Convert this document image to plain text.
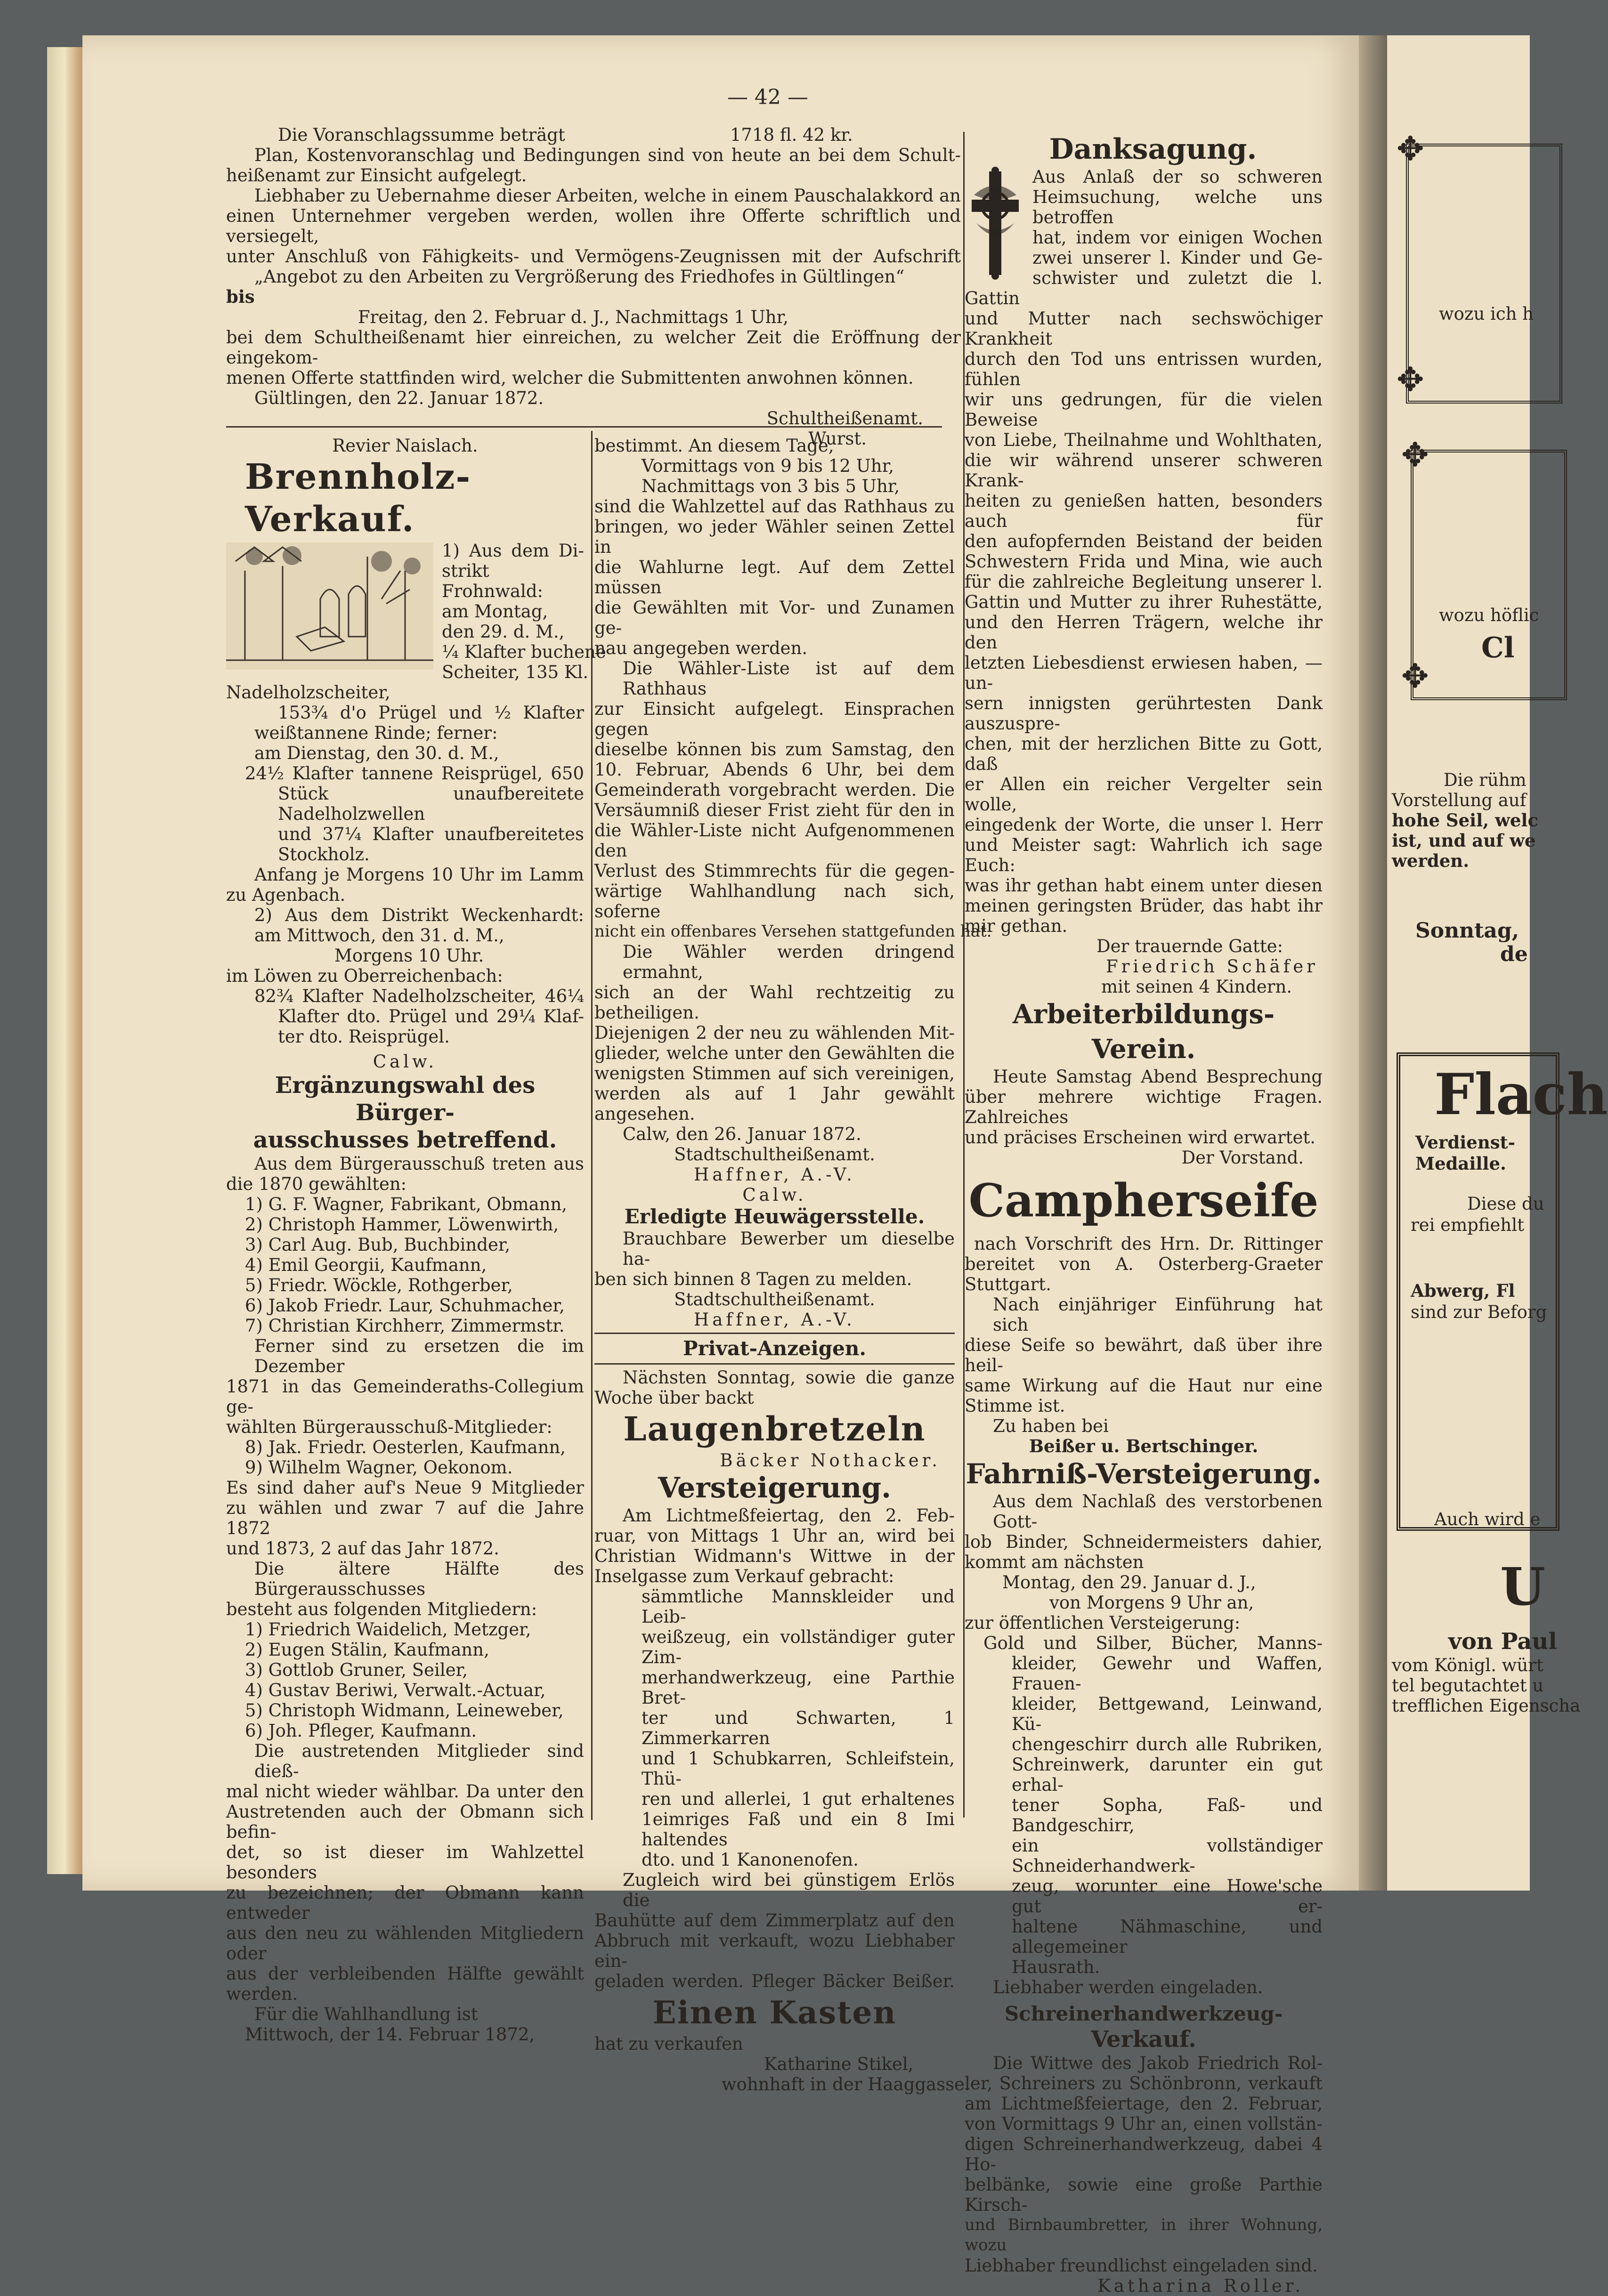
— 42 —
Die Voranschlagssumme beträgt	1718 fl. 42 kr.
Plan, Kostenvoranschlag und Bedingungen sind von heute an bei dem Schult-
heißenamt zur Einsicht aufgelegt.
Liebhaber zu Uebernahme dieser Arbeiten, welche in einem Pauschalakkord an
einen Unternehmer vergeben werden, wollen ihre Offerte schriftlich und versiegelt,
unter Anschluß von Fähigkeits- und Vermögens-Zeugnissen mit der Aufschrift
„Angebot zu den Arbeiten zu Vergrößerung des Friedhofes in Gültlingen“
bis
Freitag, den 2. Februar d. J., Nachmittags 1 Uhr,
bei dem Schultheißenamt hier einreichen, zu welcher Zeit die Eröffnung der eingekom-
menen Offerte stattfinden wird, welcher die Submittenten anwohnen können.
Gültlingen, den 22. Januar 1872.
Schultheißenamt.
Wurst.
Revier Naislach.
Brennholz-Verkauf.
1) Aus dem Di-
strikt Frohnwald:
am Montag,
den 29. d. M.,
¼ Klafter buchene
Scheiter, 135 Kl.
Nadelholzscheiter,
153¾ d'o Prügel und ½ Klafter
weißtannene Rinde; ferner:
am Dienstag, den 30. d. M.,
24½ Klafter tannene Reisprügel, 650
Stück unaufbereitete Nadelholzwellen
und 37¼ Klafter unaufbereitetes
Stockholz.
Anfang je Morgens 10 Uhr im Lamm
zu Agenbach.
2) Aus dem Distrikt Weckenhardt:
am Mittwoch, den 31. d. M.,
Morgens 10 Uhr.
im Löwen zu Oberreichenbach:
82¾ Klafter Nadelholzscheiter, 46¼
Klafter dto. Prügel und 29¼ Klaf-
ter dto. Reisprügel.
Calw.
Ergänzungswahl des Bürger-
ausschusses betreffend.
Aus dem Bürgerausschuß treten aus
die 1870 gewählten:
1) G. F. Wagner, Fabrikant, Obmann,
2) Christoph Hammer, Löwenwirth,
3) Carl Aug. Bub, Buchbinder,
4) Emil Georgii, Kaufmann,
5) Friedr. Wöckle, Rothgerber,
6) Jakob Friedr. Laur, Schuhmacher,
7) Christian Kirchherr, Zimmermstr.
Ferner sind zu ersetzen die im Dezember
1871 in das Gemeinderaths-Collegium ge-
wählten Bürgerausschuß-Mitglieder:
8) Jak. Friedr. Oesterlen, Kaufmann,
9) Wilhelm Wagner, Oekonom.
Es sind daher auf's Neue 9 Mitglieder
zu wählen und zwar 7 auf die Jahre 1872
und 1873, 2 auf das Jahr 1872.
Die ältere Hälfte des Bürgerausschusses
besteht aus folgenden Mitgliedern:
1) Friedrich Waidelich, Metzger,
2) Eugen Stälin, Kaufmann,
3) Gottlob Gruner, Seiler,
4) Gustav Beriwi, Verwalt.-Actuar,
5) Christoph Widmann, Leineweber,
6) Joh. Pfleger, Kaufmann.
Die austretenden Mitglieder sind dieß-
mal nicht wieder wählbar. Da unter den
Austretenden auch der Obmann sich befin-
det, so ist dieser im Wahlzettel besonders
zu bezeichnen; der Obmann kann entweder
aus den neu zu wählenden Mitgliedern oder
aus der verbleibenden Hälfte gewählt werden.
Für die Wahlhandlung ist
Mittwoch, der 14. Februar 1872,
bestimmt. An diesem Tage,
Vormittags von 9 bis 12 Uhr,
Nachmittags von 3 bis 5 Uhr,
sind die Wahlzettel auf das Rathhaus zu
bringen, wo jeder Wähler seinen Zettel in
die Wahlurne legt. Auf dem Zettel müssen
die Gewählten mit Vor- und Zunamen ge-
nau angegeben werden.
Die Wähler-Liste ist auf dem Rathhaus
zur Einsicht aufgelegt. Einsprachen gegen
dieselbe können bis zum Samstag, den
10. Februar, Abends 6 Uhr, bei dem
Gemeinderath vorgebracht werden. Die
Versäumniß dieser Frist zieht für den in
die Wähler-Liste nicht Aufgenommenen den
Verlust des Stimmrechts für die gegen-
wärtige Wahlhandlung nach sich, soferne
nicht ein offenbares Versehen stattgefunden hat.
Die Wähler werden dringend ermahnt,
sich an der Wahl rechtzeitig zu betheiligen.
Diejenigen 2 der neu zu wählenden Mit-
glieder, welche unter den Gewählten die
wenigsten Stimmen auf sich vereinigen,
werden als auf 1 Jahr gewählt angesehen.
Calw, den 26. Januar 1872.
Stadtschultheißenamt.
Haffner, A.-V.
Calw.
Erledigte Heuwägersstelle.
Brauchbare Bewerber um dieselbe ha-
ben sich binnen 8 Tagen zu melden.
Stadtschultheißenamt.
Haffner, A.-V.
Privat-Anzeigen.
Nächsten Sonntag, sowie die ganze
Woche über backt
Laugenbretzeln
Bäcker Nothacker.
Versteigerung.
Am Lichtmeßfeiertag, den 2. Feb-
ruar, von Mittags 1 Uhr an, wird bei
Christian Widmann's Wittwe in der
Inselgasse zum Verkauf gebracht:
sämmtliche Mannskleider und Leib-
weißzeug, ein vollständiger guter Zim-
merhandwerkzeug, eine Parthie Bret-
ter und Schwarten, 1 Zimmerkarren
und 1 Schubkarren, Schleifstein, Thü-
ren und allerlei, 1 gut erhaltenes
1eimriges Faß und ein 8 Imi haltendes
dto. und 1 Kanonenofen.
Zugleich wird bei günstigem Erlös die
Bauhütte auf dem Zimmerplatz auf den
Abbruch mit verkauft, wozu Liebhaber ein-
geladen werden. Pfleger Bäcker Beißer.
Einen Kasten
hat zu verkaufen
Katharine Stikel,
wohnhaft in der Haaggasse.
Danksagung.
Aus Anlaß der so schweren
Heimsuchung, welche uns betroffen
hat, indem vor einigen Wochen
zwei unserer l. Kinder und Ge-
schwister und zuletzt die l. Gattin
und Mutter nach sechswöchiger Krankheit
durch den Tod uns entrissen wurden, fühlen
wir uns gedrungen, für die vielen Beweise
von Liebe, Theilnahme und Wohlthaten,
die wir während unserer schweren Krank-
heiten zu genießen hatten, besonders auch für
den aufopfernden Beistand der beiden
Schwestern Frida und Mina, wie auch
für die zahlreiche Begleitung unserer l.
Gattin und Mutter zu ihrer Ruhestätte,
und den Herren Trägern, welche ihr den
letzten Liebesdienst erwiesen haben, — un-
sern innigsten gerührtesten Dank auszuspre-
chen, mit der herzlichen Bitte zu Gott, daß
er Allen ein reicher Vergelter sein wolle,
eingedenk der Worte, die unser l. Herr
und Meister sagt: Wahrlich ich sage Euch:
was ihr gethan habt einem unter diesen
meinen geringsten Brüder, das habt ihr
mir gethan.
Der trauernde Gatte:
Friedrich Schäfer
mit seinen 4 Kindern.
Arbeiterbildungs-Verein.
Heute Samstag Abend Besprechung
über mehrere wichtige Fragen. Zahlreiches
und präcises Erscheinen wird erwartet.
Der Vorstand.
Campherseife
nach Vorschrift des Hrn. Dr. Rittinger
bereitet von A. Osterberg-Graeter Stuttgart.
Nach einjähriger Einführung hat sich
diese Seife so bewährt, daß über ihre heil-
same Wirkung auf die Haut nur eine
Stimme ist.
Zu haben bei
Beißer u. Bertschinger.
Fahrniß-Versteigerung.
Aus dem Nachlaß des verstorbenen Gott-
lob Binder, Schneidermeisters dahier,
kommt am nächsten
Montag, den 29. Januar d. J.,
von Morgens 9 Uhr an,
zur öffentlichen Versteigerung:
Gold und Silber, Bücher, Manns-
kleider, Gewehr und Waffen, Frauen-
kleider, Bettgewand, Leinwand, Kü-
chengeschirr durch alle Rubriken,
Schreinwerk, darunter ein gut erhal-
tener Sopha, Faß- und Bandgeschirr,
ein vollständiger Schneiderhandwerk-
zeug, worunter eine Howe'sche gut er-
haltene Nähmaschine, und allegemeiner
Hausrath.
Liebhaber werden eingeladen.
Schreinerhandwerkzeug-
Verkauf.
Die Wittwe des Jakob Friedrich Rol-
ler, Schreiners zu Schönbronn, verkauft
am Lichtmeßfeiertage, den 2. Februar,
von Vormittags 9 Uhr an, einen vollstän-
digen Schreinerhandwerkzeug, dabei 4 Ho-
belbänke, sowie eine große Parthie Kirsch-
und Birnbaumbretter, in ihrer Wohnung, wozu
Liebhaber freundlichst eingeladen sind.
Katharina Roller.
✥
✥
wozu ich h
✥
✥
wozu höflic
Cl
Die rühm
Vorstellung auf
hohe Seil, welc
ist, und auf we
werden.
Sonntag,
de
Flach
Verdienst-
Medaille.
Diese du
rei empfiehlt
Abwerg, Fl
sind zur Beforg
Auch wird e
U
von Paul
vom Königl. würt
tel begutachtet u
trefflichen Eigenscha
